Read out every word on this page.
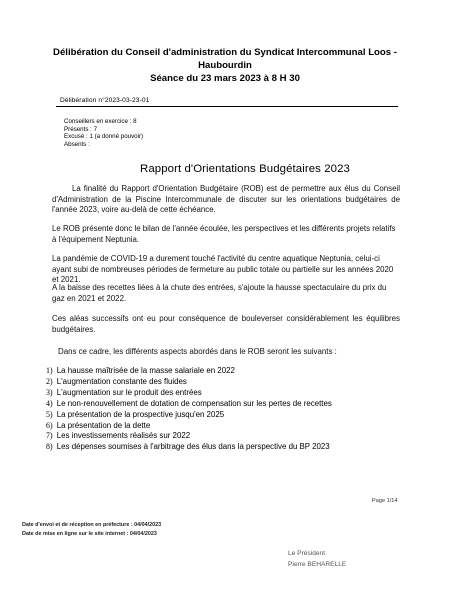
Délibération du Conseil d'administration du Syndicat Intercommunal Loos -
Haubourdin
Séance du 23 mars 2023 à 8 H 30
Délibération n°2023-03-23-01
Conseillers en exercice : 8
Présents : 7
Excusé : 1 (a donné pouvoir)
Absents :
Rapport d'Orientations Budgétaires 2023
La finalité du Rapport d'Orientation Budgétaire (ROB) est de permettre aux élus du Conseil d'Administration de la Piscine Intercommunale de discuter sur les orientations budgétaires de l'année 2023, voire au-delà de cette échéance.
Le ROB présente donc le bilan de l'année écoulée, les perspectives et les différents projets relatifs à l'équipement Neptunia.
La pandémie de COVID-19 a durement touché l'activité du centre aquatique Neptunia, celui-ci ayant subi de nombreuses périodes de fermeture au public totale ou partielle sur les années 2020 et 2021.
A la baisse des recettes liées à la chute des entrées, s'ajoute la hausse spectaculaire du prix du gaz en 2021 et 2022.
Ces aléas successifs ont eu pour conséquence de bouleverser considérablement les équilibres budgétaires.
Dans ce cadre, les différents aspects abordés dans le ROB seront les suivants :
1) La hausse maîtrisée de la masse salariale en 2022
2) L'augmentation constante des fluides
3) L'augmentation sur le produit des entrées
4) Le non-renouvellement de dotation de compensation sur les pertes de recettes
5) La présentation de la prospective jusqu'en 2025
6) La présentation de la dette
7) Les investissements réalisés sur 2022
8) Les dépenses soumises à l'arbitrage des élus dans la perspective du BP 2023
Page 1/14
Date d'envoi et de réception en préfecture : 04/04/2023
Date de mise en ligne sur le site internet : 04/04/2023
Le Président
Pierre BEHARELLE
